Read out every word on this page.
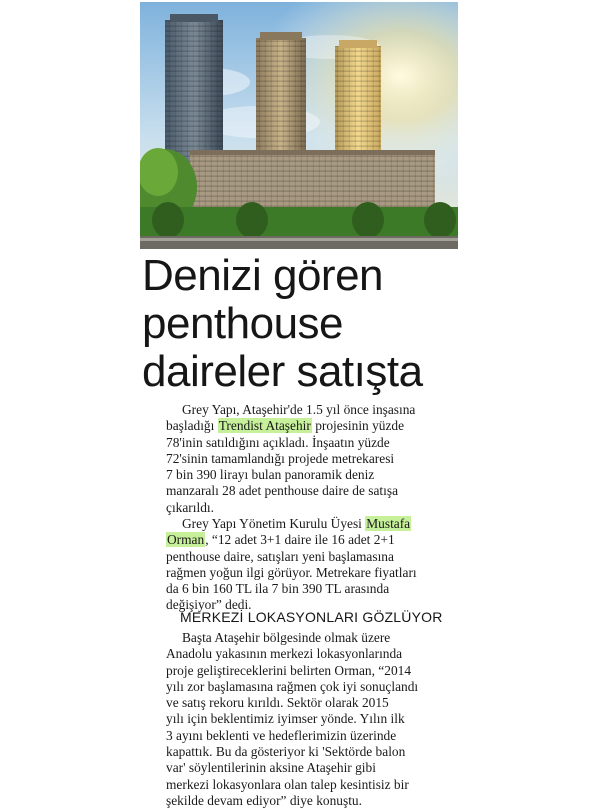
Denizi gören
penthouse
daireler satışta
Grey Yapı, Ataşehir'de 1.5 yıl önce inşasına
başladığı Trendist Ataşehir projesinin yüzde
78'inin satıldığını açıkladı. İnşaatın yüzde
72'sinin tamamlandığı projede metrekaresi
7 bin 390 lirayı bulan panoramik deniz
manzaralı 28 adet penthouse daire de satışa
çıkarıldı.
Grey Yapı Yönetim Kurulu Üyesi Mustafa
Orman, “12 adet 3+1 daire ile 16 adet 2+1
penthouse daire, satışları yeni başlamasına
rağmen yoğun ilgi görüyor. Metrekare fiyatları
da 6 bin 160 TL ila 7 bin 390 TL arasında
değişiyor” dedi.
MERKEZİ LOKASYONLARI GÖZLÜYOR
Başta Ataşehir bölgesinde olmak üzere
Anadolu yakasının merkezi lokasyonlarında
proje geliştireceklerini belirten Orman, “2014
yılı zor başlamasına rağmen çok iyi sonuçlandı
ve satış rekoru kırıldı. Sektör olarak 2015
yılı için beklentimiz iyimser yönde. Yılın ilk
3 ayını beklenti ve hedeflerimizin üzerinde
kapattık. Bu da gösteriyor ki 'Sektörde balon
var' söylentilerinin aksine Ataşehir gibi
merkezi lokasyonlara olan talep kesintisiz bir
şekilde devam ediyor” diye konuştu.
